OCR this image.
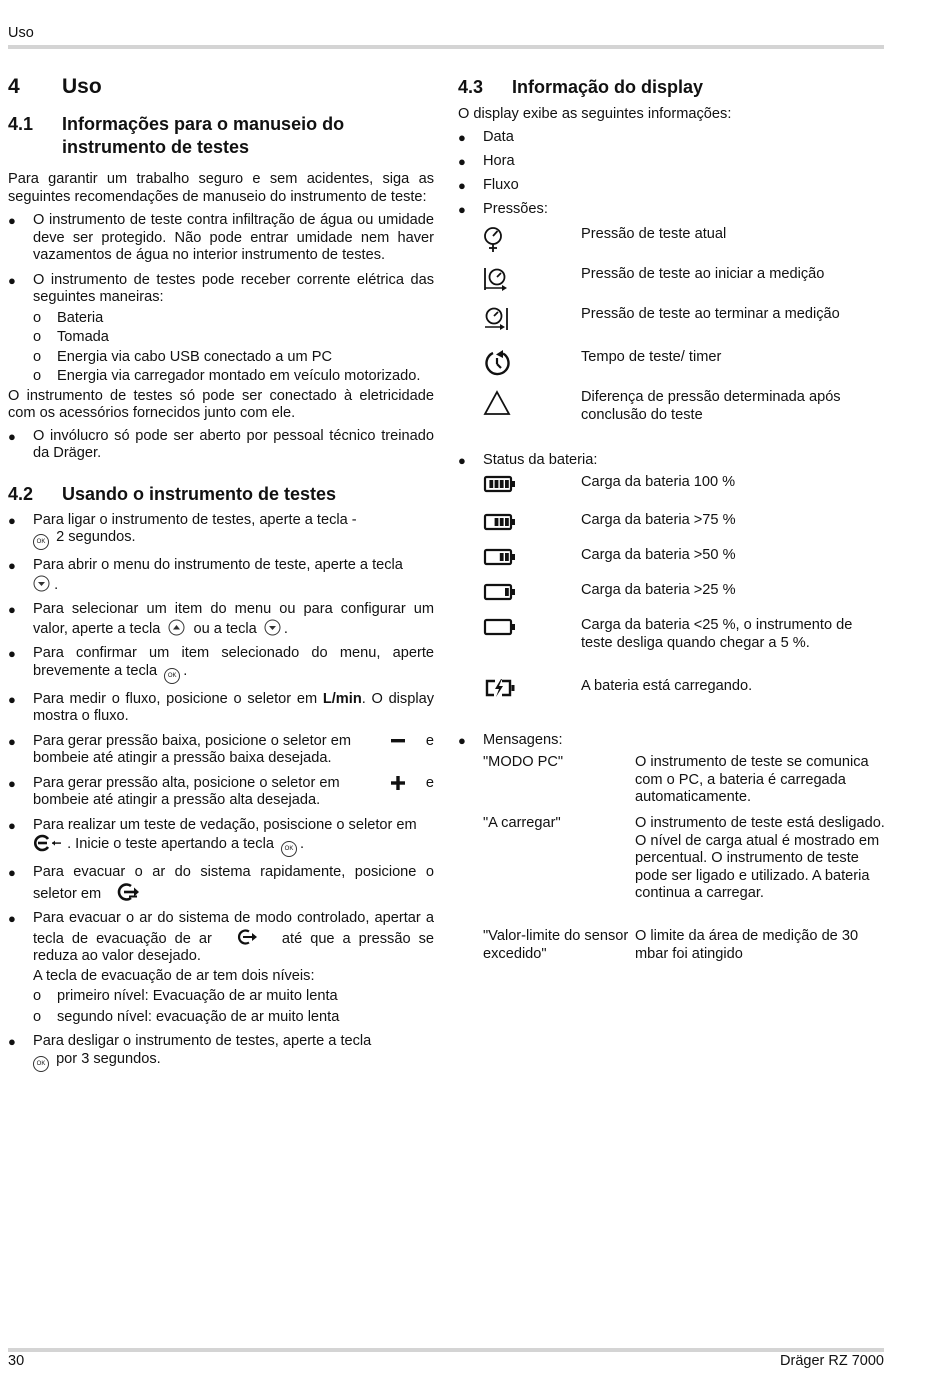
Uso
4	Uso
4.1	Informações para o manuseio do instrumento de testes

Para garantir um trabalho seguro e sem acidentes, siga as seguintes recomendações de manuseio do instrumento de teste:

● O instrumento de teste contra infiltração de água ou umidade deve ser protegido. Não pode entrar umidade nem haver vazamentos de água no interior instrumento de testes.
● O instrumento de testes pode receber corrente elétrica das seguintes maneiras:
o Bateria
o Tomada
o Energia via cabo USB conectado a um PC
o Energia via carregador montado em veículo motorizado.

O instrumento de testes só pode ser conectado à eletricidade com os acessórios fornecidos junto com ele.

● O invólucro só pode ser aberto por pessoal técnico treinado da Dräger.
4.2	Usando o instrumento de testes
● Para ligar o instrumento de testes, aperte a tecla -
OK 2 segundos.
● Para abrir o menu do instrumento de teste, aperte a tecla
.
● Para selecionar um item do menu ou para configurar um valor, aperte a tecla ou a tecla .
● Para confirmar um item selecionado do menu, aperte brevemente a tecla OK .
● Para medir o fluxo, posicione o seletor em L/min. O display mostra o fluxo.
● Para gerar pressão baixa, posicione o seletor em	e

bombeie até atingir a pressão baixa desejada.
● Para gerar pressão alta, posicione o seletor em	e

bombeie até atingir a pressão alta desejada.
● Para realizar um teste de vedação, posiscione o seletor em
. Inicie o teste apertando a tecla OK .
● Para evacuar o ar do sistema rapidamente, posicione o seletor em
● Para evacuar o ar do sistema de modo controlado, apertar a tecla de evacuação de ar	até que a pressão se reduza ao valor desejado.

A tecla de evacuação de ar tem dois níveis:

o primeiro nível: Evacuação de ar muito lenta
o segundo nível: evacuação de ar muito lenta
● Para desligar o instrumento de testes, aperte a tecla
OK por 3 segundos.
4.3	Informação do display

O display exibe as seguintes informações:

● Data
● Hora
● Fluxo
● Pressões:
Pressão de teste atual
Pressão de teste ao iniciar a medição
Pressão de teste ao terminar a medição
Tempo de teste/ timer
Diferença de pressão determinada após conclusão do teste
● Status da bateria:
Carga da bateria 100 %
Carga da bateria >75 %
Carga da bateria >50 %
Carga da bateria >25 %
Carga da bateria <25 %, o instrumento de teste desliga quando chegar a 5 %.
A bateria está carregando.
● Mensagens:
"MODO PC"	O instrumento de teste se comunica com o PC, a bateria é carregada automaticamente.
"A carregar"	O instrumento de teste está desligado. O nível de carga atual é mostrado em percentual. O instrumento de teste pode ser ligado e utilizado. A bateria continua a carregar.
"Valor-limite do sensor excedido"
O limite da área de medição de 30 mbar foi atingido
30	Dräger RZ 7000
